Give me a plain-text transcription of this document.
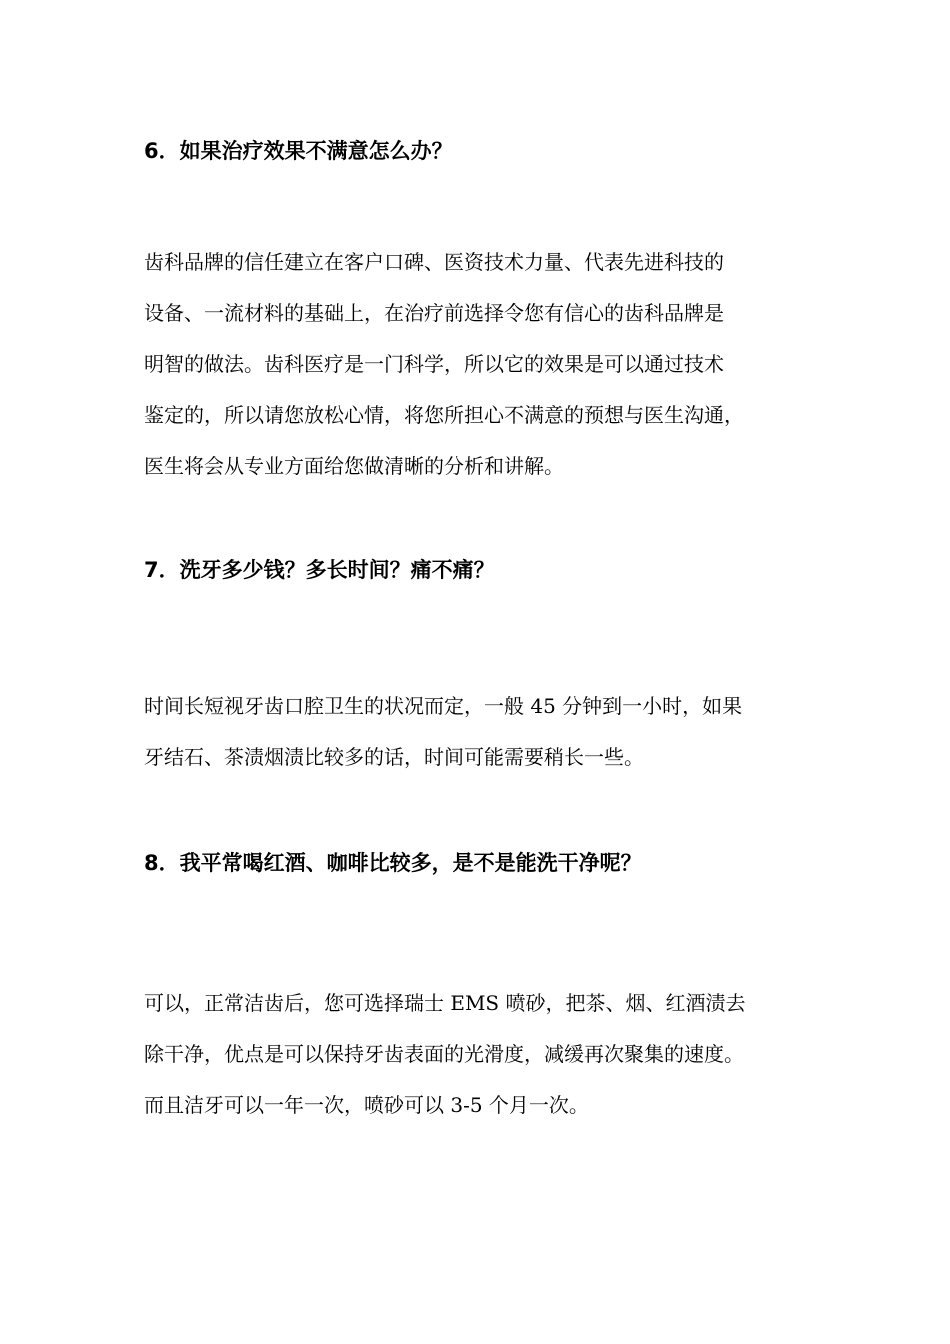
6．如果治疗效果不满意怎么办？
齿科品牌的信任建立在客户口碑、医资技术力量、代表先进科技的
设备、一流材料的基础上，在治疗前选择令您有信心的齿科品牌是
明智的做法。齿科医疗是一门科学，所以它的效果是可以通过技术
鉴定的，所以请您放松心情，将您所担心不满意的预想与医生沟通，
医生将会从专业方面给您做清晰的分析和讲解。
7．洗牙多少钱？多长时间？痛不痛？
时间长短视牙齿口腔卫生的状况而定，一般 45 分钟到一小时，如果
牙结石、茶渍烟渍比较多的话，时间可能需要稍长一些。
8．我平常喝红酒、咖啡比较多，是不是能洗干净呢？
可以，正常洁齿后，您可选择瑞士 EMS 喷砂，把茶、烟、红酒渍去
除干净，优点是可以保持牙齿表面的光滑度，减缓再次聚集的速度。
而且洁牙可以一年一次，喷砂可以 3-5 个月一次。
